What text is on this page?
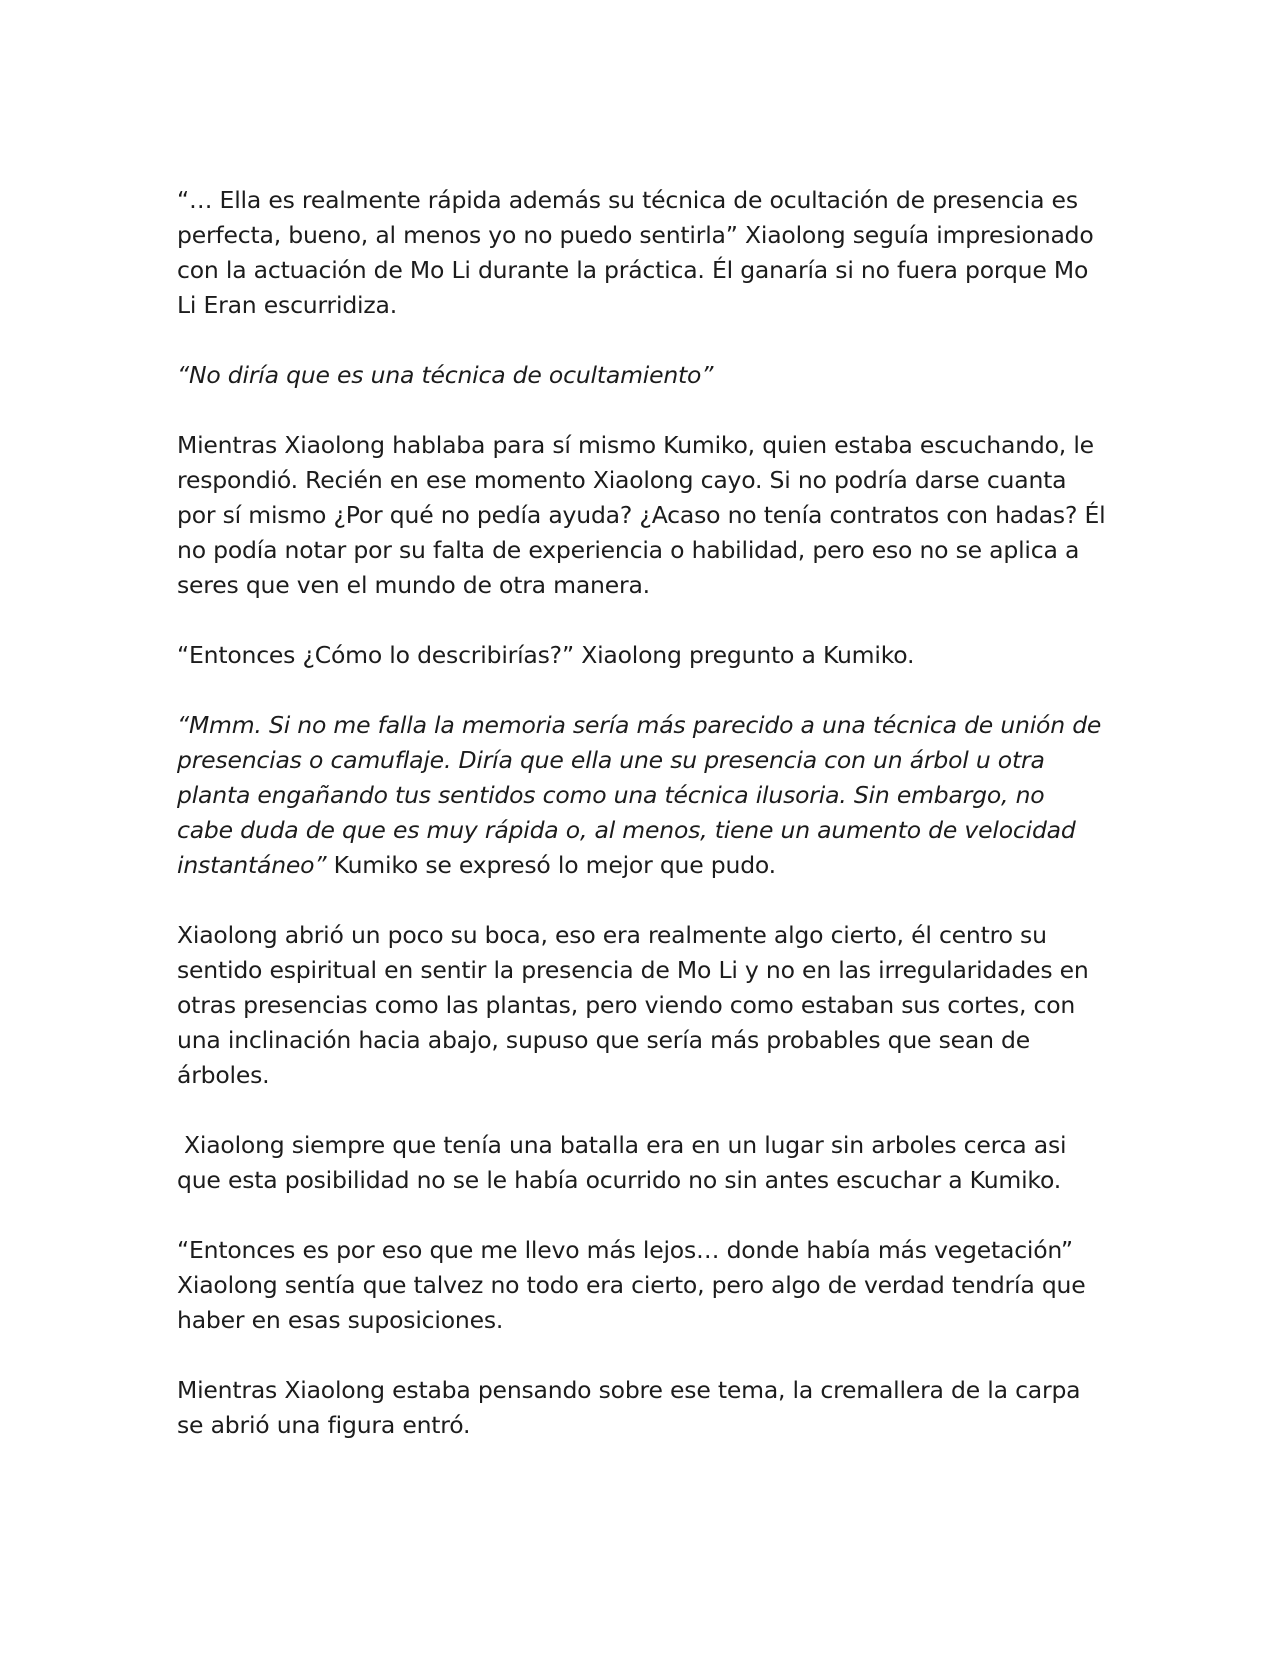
“… Ella es realmente rápida además su técnica de ocultación de presencia es perfecta, bueno, al menos yo no puedo sentirla” Xiaolong seguía impresionado con la actuación de Mo Li durante la práctica. Él ganaría si no fuera porque Mo Li Eran escurridiza.

“No diría que es una técnica de ocultamiento”

Mientras Xiaolong hablaba para sí mismo Kumiko, quien estaba escuchando, le respondió. Recién en ese momento Xiaolong cayo. Si no podría darse cuanta por sí mismo ¿Por qué no pedía ayuda? ¿Acaso no tenía contratos con hadas? Él no podía notar por su falta de experiencia o habilidad, pero eso no se aplica a seres que ven el mundo de otra manera.

“Entonces ¿Cómo lo describirías?” Xiaolong pregunto a Kumiko.

“Mmm. Si no me falla la memoria sería más parecido a una técnica de unión de presencias o camuflaje. Diría que ella une su presencia con un árbol u otra planta engañando tus sentidos como una técnica ilusoria. Sin embargo, no cabe duda de que es muy rápida o, al menos, tiene un aumento de velocidad instantáneo” Kumiko se expresó lo mejor que pudo.

Xiaolong abrió un poco su boca, eso era realmente algo cierto, él centro su sentido espiritual en sentir la presencia de Mo Li y no en las irregularidades en otras presencias como las plantas, pero viendo como estaban sus cortes, con una inclinación hacia abajo, supuso que sería más probables que sean de árboles.

Xiaolong siempre que tenía una batalla era en un lugar sin arboles cerca asi que esta posibilidad no se le había ocurrido no sin antes escuchar a Kumiko.

“Entonces es por eso que me llevo más lejos… donde había más vegetación” Xiaolong sentía que talvez no todo era cierto, pero algo de verdad tendría que haber en esas suposiciones.

Mientras Xiaolong estaba pensando sobre ese tema, la cremallera de la carpa se abrió una figura entró.
